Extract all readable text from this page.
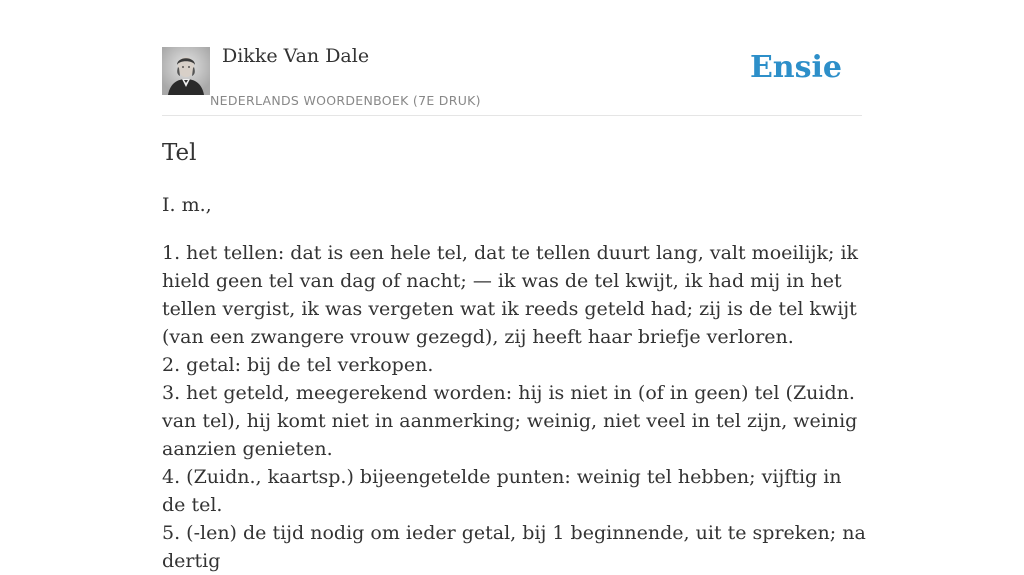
Dikke Van Dale
NEDERLANDS WOORDENBOEK (7E DRUK)
Ensie
Tel
I. m.,
1. het tellen: dat is een hele tel, dat te tellen duurt lang, valt moeilijk; ik hield geen tel van dag of nacht; — ik was de tel kwijt, ik had mij in het tellen vergist, ik was vergeten wat ik reeds geteld had; zij is de tel kwijt (van een zwangere vrouw gezegd), zij heeft haar briefje verloren.
2. getal: bij de tel verkopen.
3. het geteld, meegerekend worden: hij is niet in (of in geen) tel (Zuidn. van tel), hij komt niet in aanmerking; weinig, niet veel in tel zijn, weinig aanzien genieten.
4. (Zuidn., kaartsp.) bijeengetelde punten: weinig tel hebben; vijftig in de tel.
5. (-len) de tijd nodig om ieder getal, bij 1 beginnende, uit te spreken; na dertig
